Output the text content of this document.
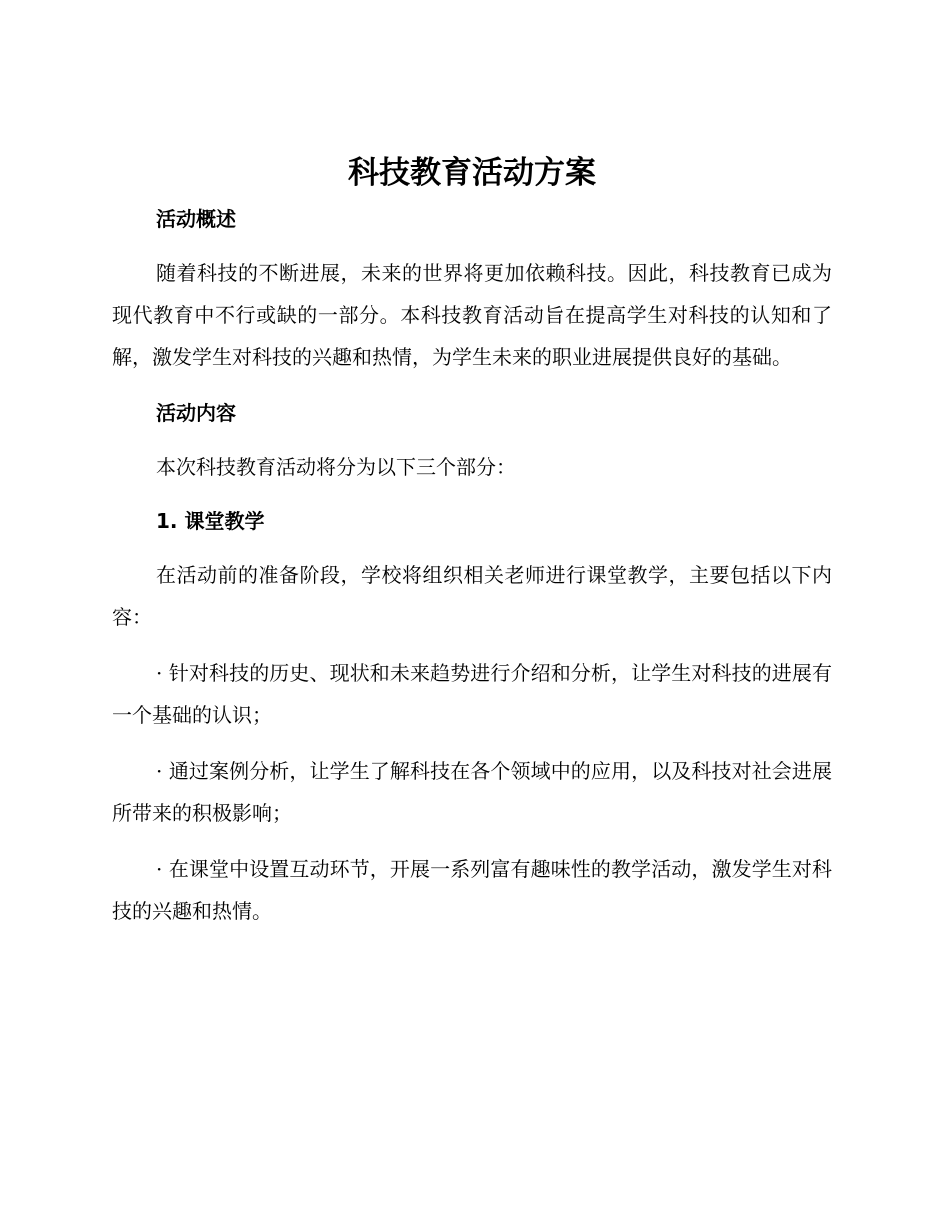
科技教育活动方案
活动概述

随着科技的不断进展，未来的世界将更加依赖科技。因此，科技教育已成为现代教育中不行或缺的一部分。本科技教育活动旨在提高学生对科技的认知和了解，激发学生对科技的兴趣和热情，为学生未来的职业进展提供良好的基础。

活动内容

本次科技教育活动将分为以下三个部分：

1. 课堂教学

在活动前的准备阶段，学校将组织相关老师进行课堂教学，主要包括以下内容：

· 针对科技的历史、现状和未来趋势进行介绍和分析，让学生对科技的进展有一个基础的认识；

· 通过案例分析，让学生了解科技在各个领域中的应用，以及科技对社会进展所带来的积极影响；

· 在课堂中设置互动环节，开展一系列富有趣味性的教学活动，激发学生对科技的兴趣和热情。
